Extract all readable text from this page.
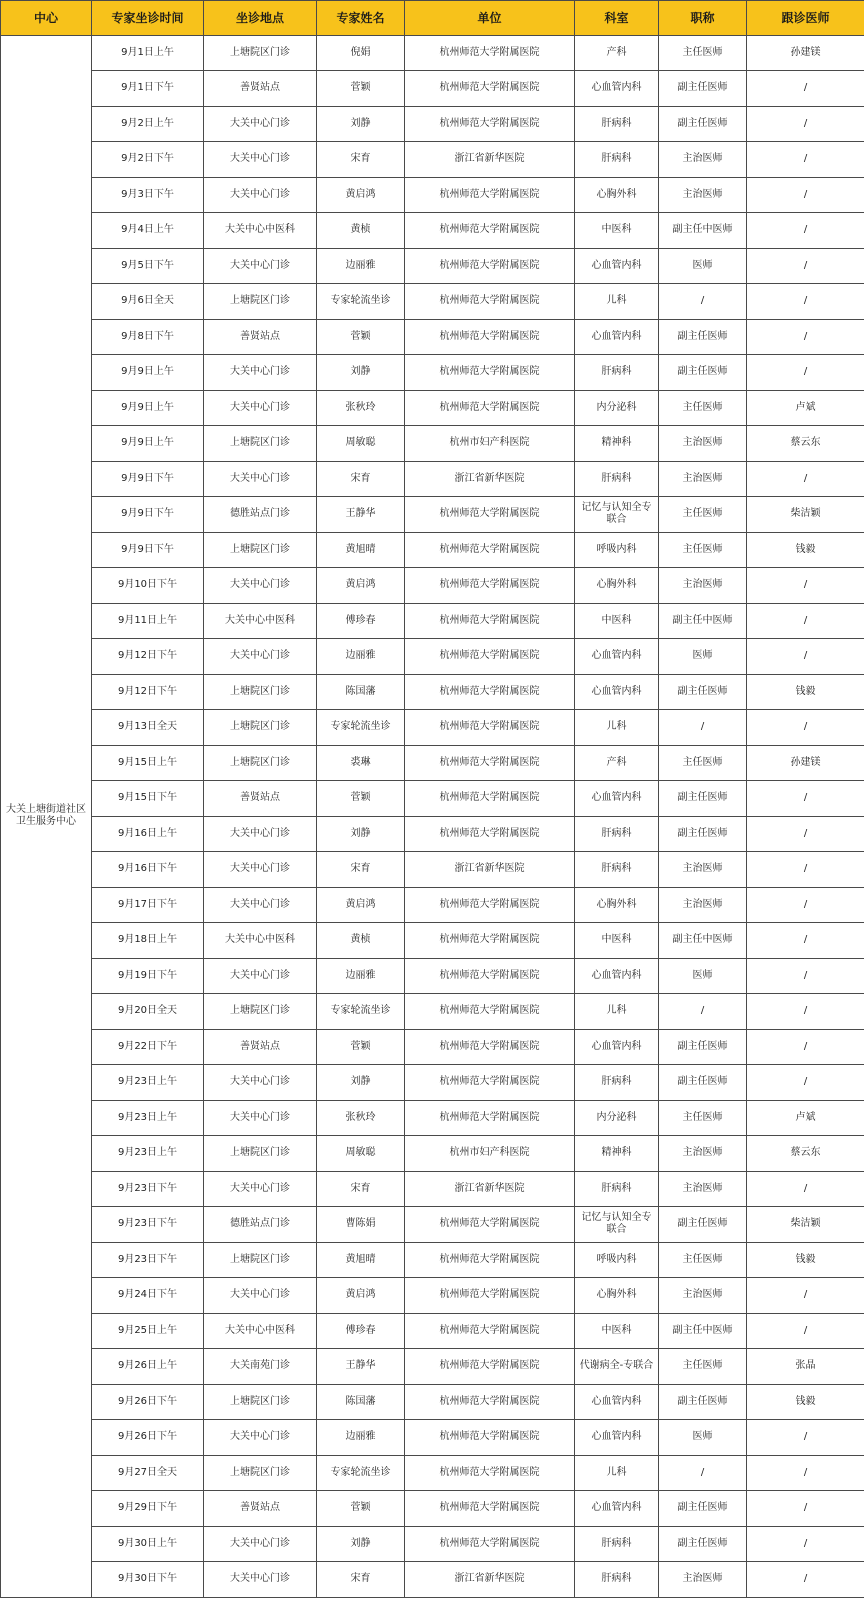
中心	专家坐诊时间	坐诊地点	专家姓名	单位	科室	职称	跟诊医师
大关上塘街道社区卫生服务中心	9月1日上午	上塘院区门诊	倪娟	杭州师范大学附属医院	产科	主任医师	孙建镁
	9月1日下午	善贤站点	菅颖	杭州师范大学附属医院	心血管内科	副主任医师	/
	9月2日上午	大关中心门诊	刘静	杭州师范大学附属医院	肝病科	副主任医师	/
	9月2日下午	大关中心门诊	宋育	浙江省新华医院	肝病科	主治医师	/
	9月3日下午	大关中心门诊	黄启鸿	杭州师范大学附属医院	心胸外科	主治医师	/
	9月4日上午	大关中心中医科	黄桢	杭州师范大学附属医院	中医科	副主任中医师	/
	9月5日下午	大关中心门诊	边丽雅	杭州师范大学附属医院	心血管内科	医师	/
	9月6日全天	上塘院区门诊	专家轮流坐诊	杭州师范大学附属医院	儿科	/	/
	9月8日下午	善贤站点	菅颖	杭州师范大学附属医院	心血管内科	副主任医师	/
	9月9日上午	大关中心门诊	刘静	杭州师范大学附属医院	肝病科	副主任医师	/
	9月9日上午	大关中心门诊	张秋玲	杭州师范大学附属医院	内分泌科	主任医师	卢斌
	9月9日上午	上塘院区门诊	周敏聪	杭州市妇产科医院	精神科	主治医师	蔡云东
	9月9日下午	大关中心门诊	宋育	浙江省新华医院	肝病科	主治医师	/
	9月9日下午	德胜站点门诊	王静华	杭州师范大学附属医院	记忆与认知全专联合	主任医师	柴洁颖
	9月9日下午	上塘院区门诊	黄旭晴	杭州师范大学附属医院	呼吸内科	主任医师	钱毅
	9月10日下午	大关中心门诊	黄启鸿	杭州师范大学附属医院	心胸外科	主治医师	/
	9月11日上午	大关中心中医科	傅珍春	杭州师范大学附属医院	中医科	副主任中医师	/
	9月12日下午	大关中心门诊	边丽雅	杭州师范大学附属医院	心血管内科	医师	/
	9月12日下午	上塘院区门诊	陈国藩	杭州师范大学附属医院	心血管内科	副主任医师	钱毅
	9月13日全天	上塘院区门诊	专家轮流坐诊	杭州师范大学附属医院	儿科	/	/
	9月15日上午	上塘院区门诊	裘琳	杭州师范大学附属医院	产科	主任医师	孙建镁
	9月15日下午	善贤站点	菅颖	杭州师范大学附属医院	心血管内科	副主任医师	/
	9月16日上午	大关中心门诊	刘静	杭州师范大学附属医院	肝病科	副主任医师	/
	9月16日下午	大关中心门诊	宋育	浙江省新华医院	肝病科	主治医师	/
	9月17日下午	大关中心门诊	黄启鸿	杭州师范大学附属医院	心胸外科	主治医师	/
	9月18日上午	大关中心中医科	黄桢	杭州师范大学附属医院	中医科	副主任中医师	/
	9月19日下午	大关中心门诊	边丽雅	杭州师范大学附属医院	心血管内科	医师	/
	9月20日全天	上塘院区门诊	专家轮流坐诊	杭州师范大学附属医院	儿科	/	/
	9月22日下午	善贤站点	菅颖	杭州师范大学附属医院	心血管内科	副主任医师	/
	9月23日上午	大关中心门诊	刘静	杭州师范大学附属医院	肝病科	副主任医师	/
	9月23日上午	大关中心门诊	张秋玲	杭州师范大学附属医院	内分泌科	主任医师	卢斌
	9月23日上午	上塘院区门诊	周敏聪	杭州市妇产科医院	精神科	主治医师	蔡云东
	9月23日下午	大关中心门诊	宋育	浙江省新华医院	肝病科	主治医师	/
	9月23日下午	德胜站点门诊	曹陈娟	杭州师范大学附属医院	记忆与认知全专联合	副主任医师	柴洁颖
	9月23日下午	上塘院区门诊	黄旭晴	杭州师范大学附属医院	呼吸内科	主任医师	钱毅
	9月24日下午	大关中心门诊	黄启鸿	杭州师范大学附属医院	心胸外科	主治医师	/
	9月25日上午	大关中心中医科	傅珍春	杭州师范大学附属医院	中医科	副主任中医师	/
	9月26日上午	大关南苑门诊	王静华	杭州师范大学附属医院	代谢病全-专联合	主任医师	张晶
	9月26日下午	上塘院区门诊	陈国藩	杭州师范大学附属医院	心血管内科	副主任医师	钱毅
	9月26日下午	大关中心门诊	边丽雅	杭州师范大学附属医院	心血管内科	医师	/
	9月27日全天	上塘院区门诊	专家轮流坐诊	杭州师范大学附属医院	儿科	/	/
	9月29日下午	善贤站点	菅颖	杭州师范大学附属医院	心血管内科	副主任医师	/
	9月30日上午	大关中心门诊	刘静	杭州师范大学附属医院	肝病科	副主任医师	/
	9月30日下午	大关中心门诊	宋育	浙江省新华医院	肝病科	主治医师	/
